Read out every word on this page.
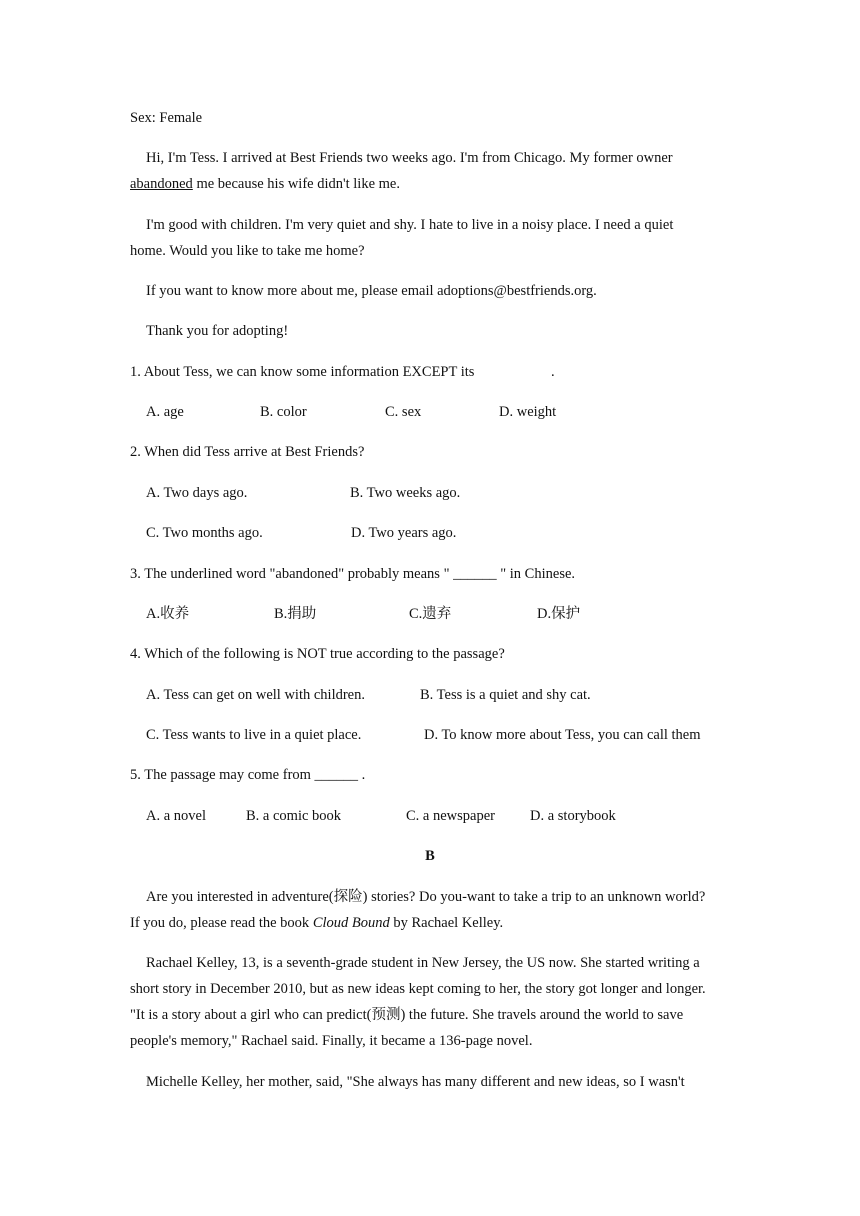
Sex: Female
Hi, I'm Tess. I arrived at Best Friends two weeks ago. I'm from Chicago. My former owner
abandoned me because his wife didn't like me.
I'm good with children. I'm very quiet and shy. I hate to live in a noisy place. I need a quiet
home. Would you like to take me home?
If you want to know more about me, please email adoptions@bestfriends.org.
Thank you for adopting!
1. About Tess, we can know some information EXCEPT its	.
A. age	B. color	C. sex	D. weight
2. When did Tess arrive at Best Friends?
A. Two days ago.	B. Two weeks ago.
C. Two months ago.	D. Two years ago.
3. The underlined word "abandoned" probably means " ______ " in Chinese.
A.收养	B.捐助	C.遗弃	D.保护
4. Which of the following is NOT true according to the passage?
A. Tess can get on well with children.	B. Tess is a quiet and shy cat.
C. Tess wants to live in a quiet place.	D. To know more about Tess, you can call them
5. The passage may come from ______ .
A. a novel	B. a comic book	C. a newspaper D. a storybook
B
Are you interested in adventure(探险) stories? Do you-want to take a trip to an unknown world?
If you do, please read the book Cloud Bound by Rachael Kelley.
Rachael Kelley, 13, is a seventh-grade student in New Jersey, the US now. She started writing a
short story in December 2010, but as new ideas kept coming to her, the story got longer and longer.
"It is a story about a girl who can predict(预测) the future. She travels around the world to save
people's memory," Rachael said. Finally, it became a 136-page novel.
Michelle Kelley, her mother, said, "She always has many different and new ideas, so I wasn't
